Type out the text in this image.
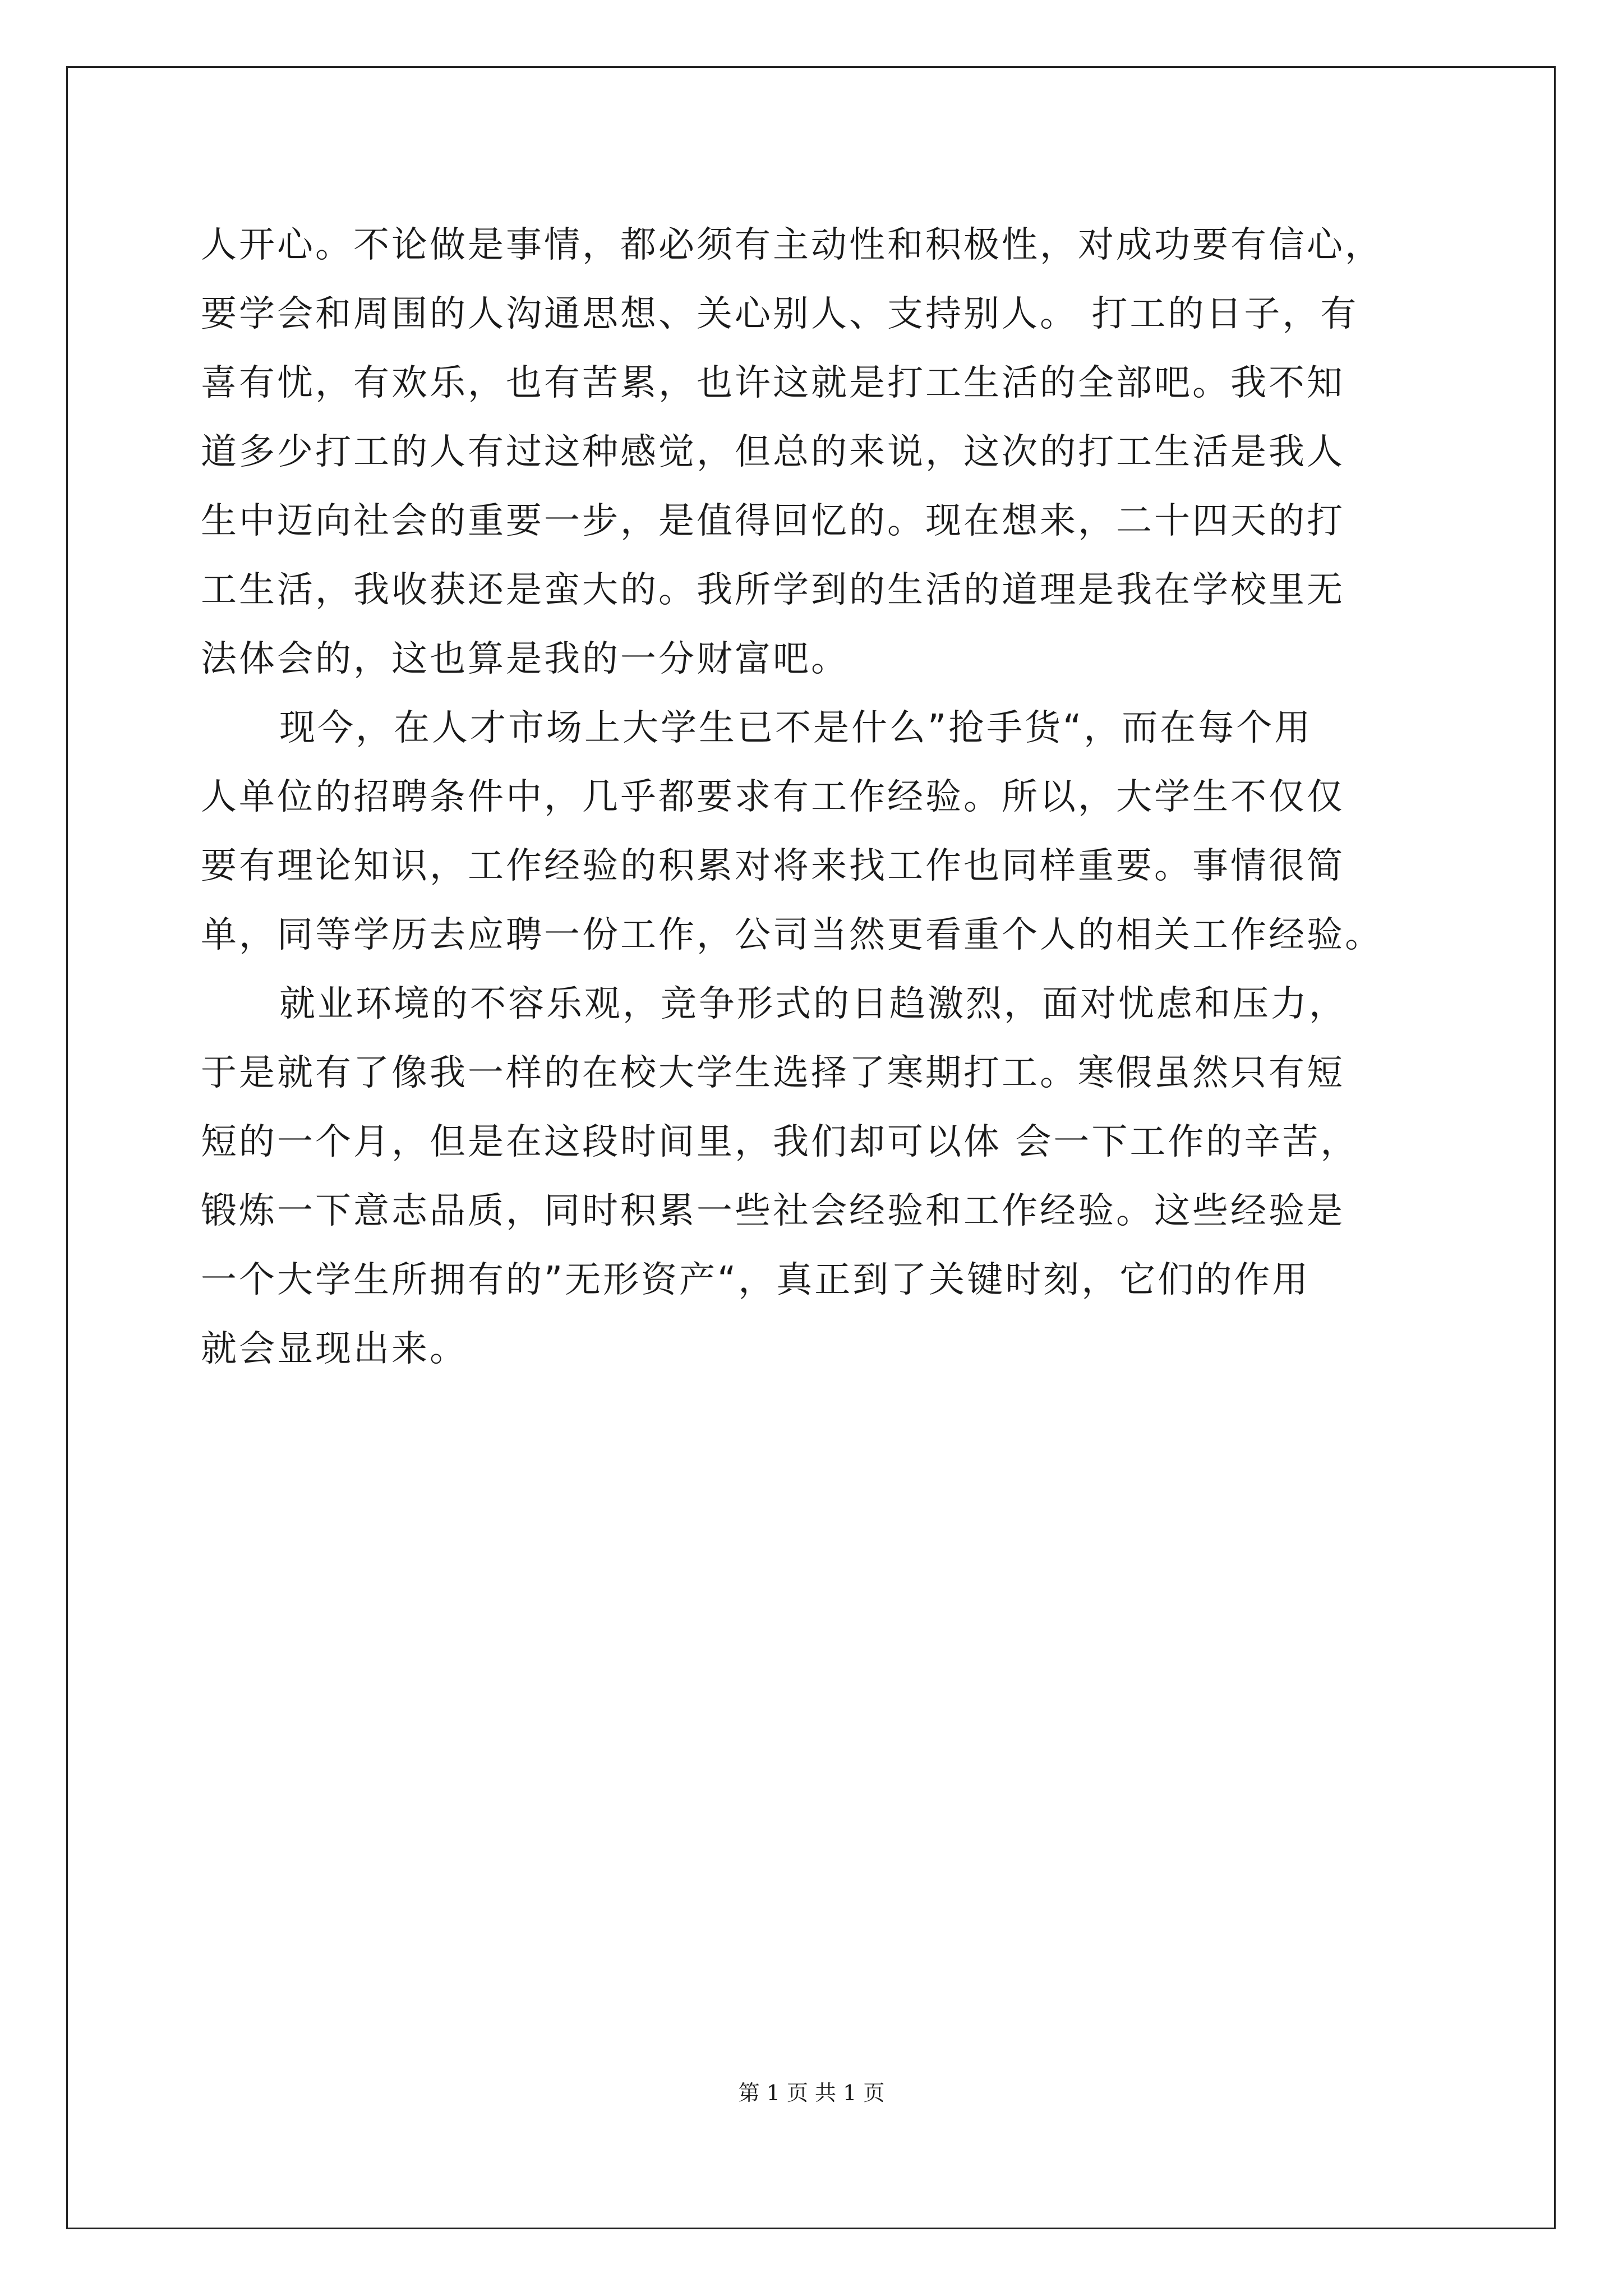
人开心。不论做是事情，都必须有主动性和积极性，对成功要有信心，
要学会和周围的人沟通思想、关心别人、支持别人。 打工的日子，有
喜有忧，有欢乐，也有苦累，也许这就是打工生活的全部吧。我不知
道多少打工的人有过这种感觉，但总的来说，这次的打工生活是我人
生中迈向社会的重要一步，是值得回忆的。现在想来，二十四天的打
工生活，我收获还是蛮大的。我所学到的生活的道理是我在学校里无
法体会的，这也算是我的一分财富吧。
现今，在人才市场上大学生已不是什么”抢手货“，而在每个用
人单位的招聘条件中，几乎都要求有工作经验。所以，大学生不仅仅
要有理论知识，工作经验的积累对将来找工作也同样重要。事情很简
单，同等学历去应聘一份工作，公司当然更看重个人的相关工作经验。
就业环境的不容乐观，竞争形式的日趋激烈，面对忧虑和压力，
于是就有了像我一样的在校大学生选择了寒期打工。寒假虽然只有短
短的一个月，但是在这段时间里，我们却可以体 会一下工作的辛苦，
锻炼一下意志品质，同时积累一些社会经验和工作经验。这些经验是
一个大学生所拥有的”无形资产“，真正到了关键时刻，它们的作用
就会显现出来。
第 1 页 共 1 页
